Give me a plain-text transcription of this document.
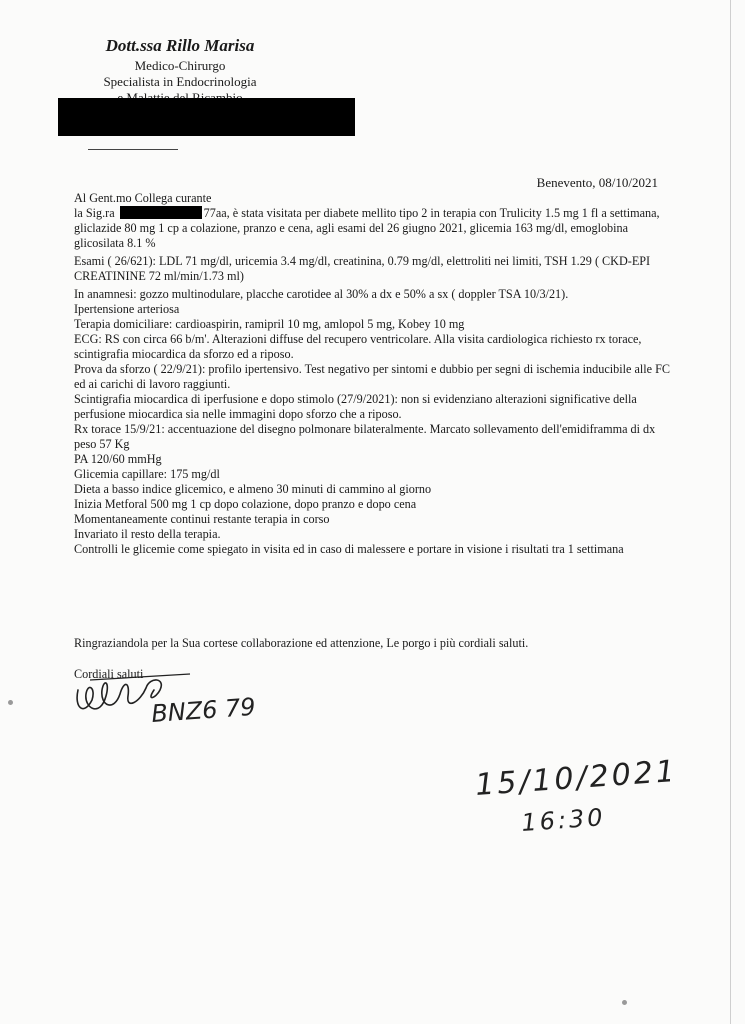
Dott.ssa Rillo Marisa
Medico-Chirurgo
Specialista in Endocrinologia
Benevento, 08/10/2021

Al Gent.mo Collega curante

la Sig.ra	77aa, è stata visitata per diabete mellito tipo 2 in terapia con Trulicity 1.5 mg 1 fl a settimana, gliclazide 80 mg 1 cp a colazione, pranzo e cena, agli esami del 26 giugno 2021, glicemia 163 mg/dl, emoglobina glicosilata 8.1 %

Esami ( 26/621): LDL 71 mg/dl, uricemia 3.4 mg/dl, creatinina, 0.79 mg/dl, elettroliti nei limiti, TSH 1.29 ( CKD-EPI CREATININE 72 ml/min/1.73 ml)

In anamnesi: gozzo multinodulare, placche carotidee al 30% a dx e 50% a sx ( doppler TSA 10/3/21).

Ipertensione arteriosa

Terapia domiciliare: cardioaspirin, ramipril 10 mg, amlopol 5 mg, Kobey 10 mg

ECG: RS con circa 66 b/m'. Alterazioni diffuse del recupero ventricolare. Alla visita cardiologica richiesto rx torace, scintigrafia miocardica da sforzo ed a riposo.

Prova da sforzo ( 22/9/21): profilo ipertensivo. Test negativo per sintomi e dubbio per segni di ischemia inducibile alle FC ed ai carichi di lavoro raggiunti.

Scintigrafia miocardica di iperfusione e dopo stimolo (27/9/2021): non si evidenziano alterazioni significative della perfusione miocardica sia nelle immagini dopo sforzo che a riposo.

Rx torace 15/9/21: accentuazione del disegno polmonare bilateralmente. Marcato sollevamento dell'emidiframma di dx

peso 57 Kg

PA 120/60 mmHg

Glicemia capillare: 175 mg/dl

Dieta a basso indice glicemico, e almeno 30 minuti di cammino al giorno

Inizia Metforal 500 mg 1 cp dopo colazione, dopo pranzo e dopo cena

Momentaneamente continui restante terapia in corso

Invariato il resto della terapia.

Controlli le glicemie come spiegato in visita ed in caso di malessere e portare in visione i risultati tra 1 settimana

Ringraziandola per la Sua cortese collaborazione ed attenzione, Le porgo i più cordiali saluti.
Cordiali saluti
BNZ6 79
15/10/2021
16:30
